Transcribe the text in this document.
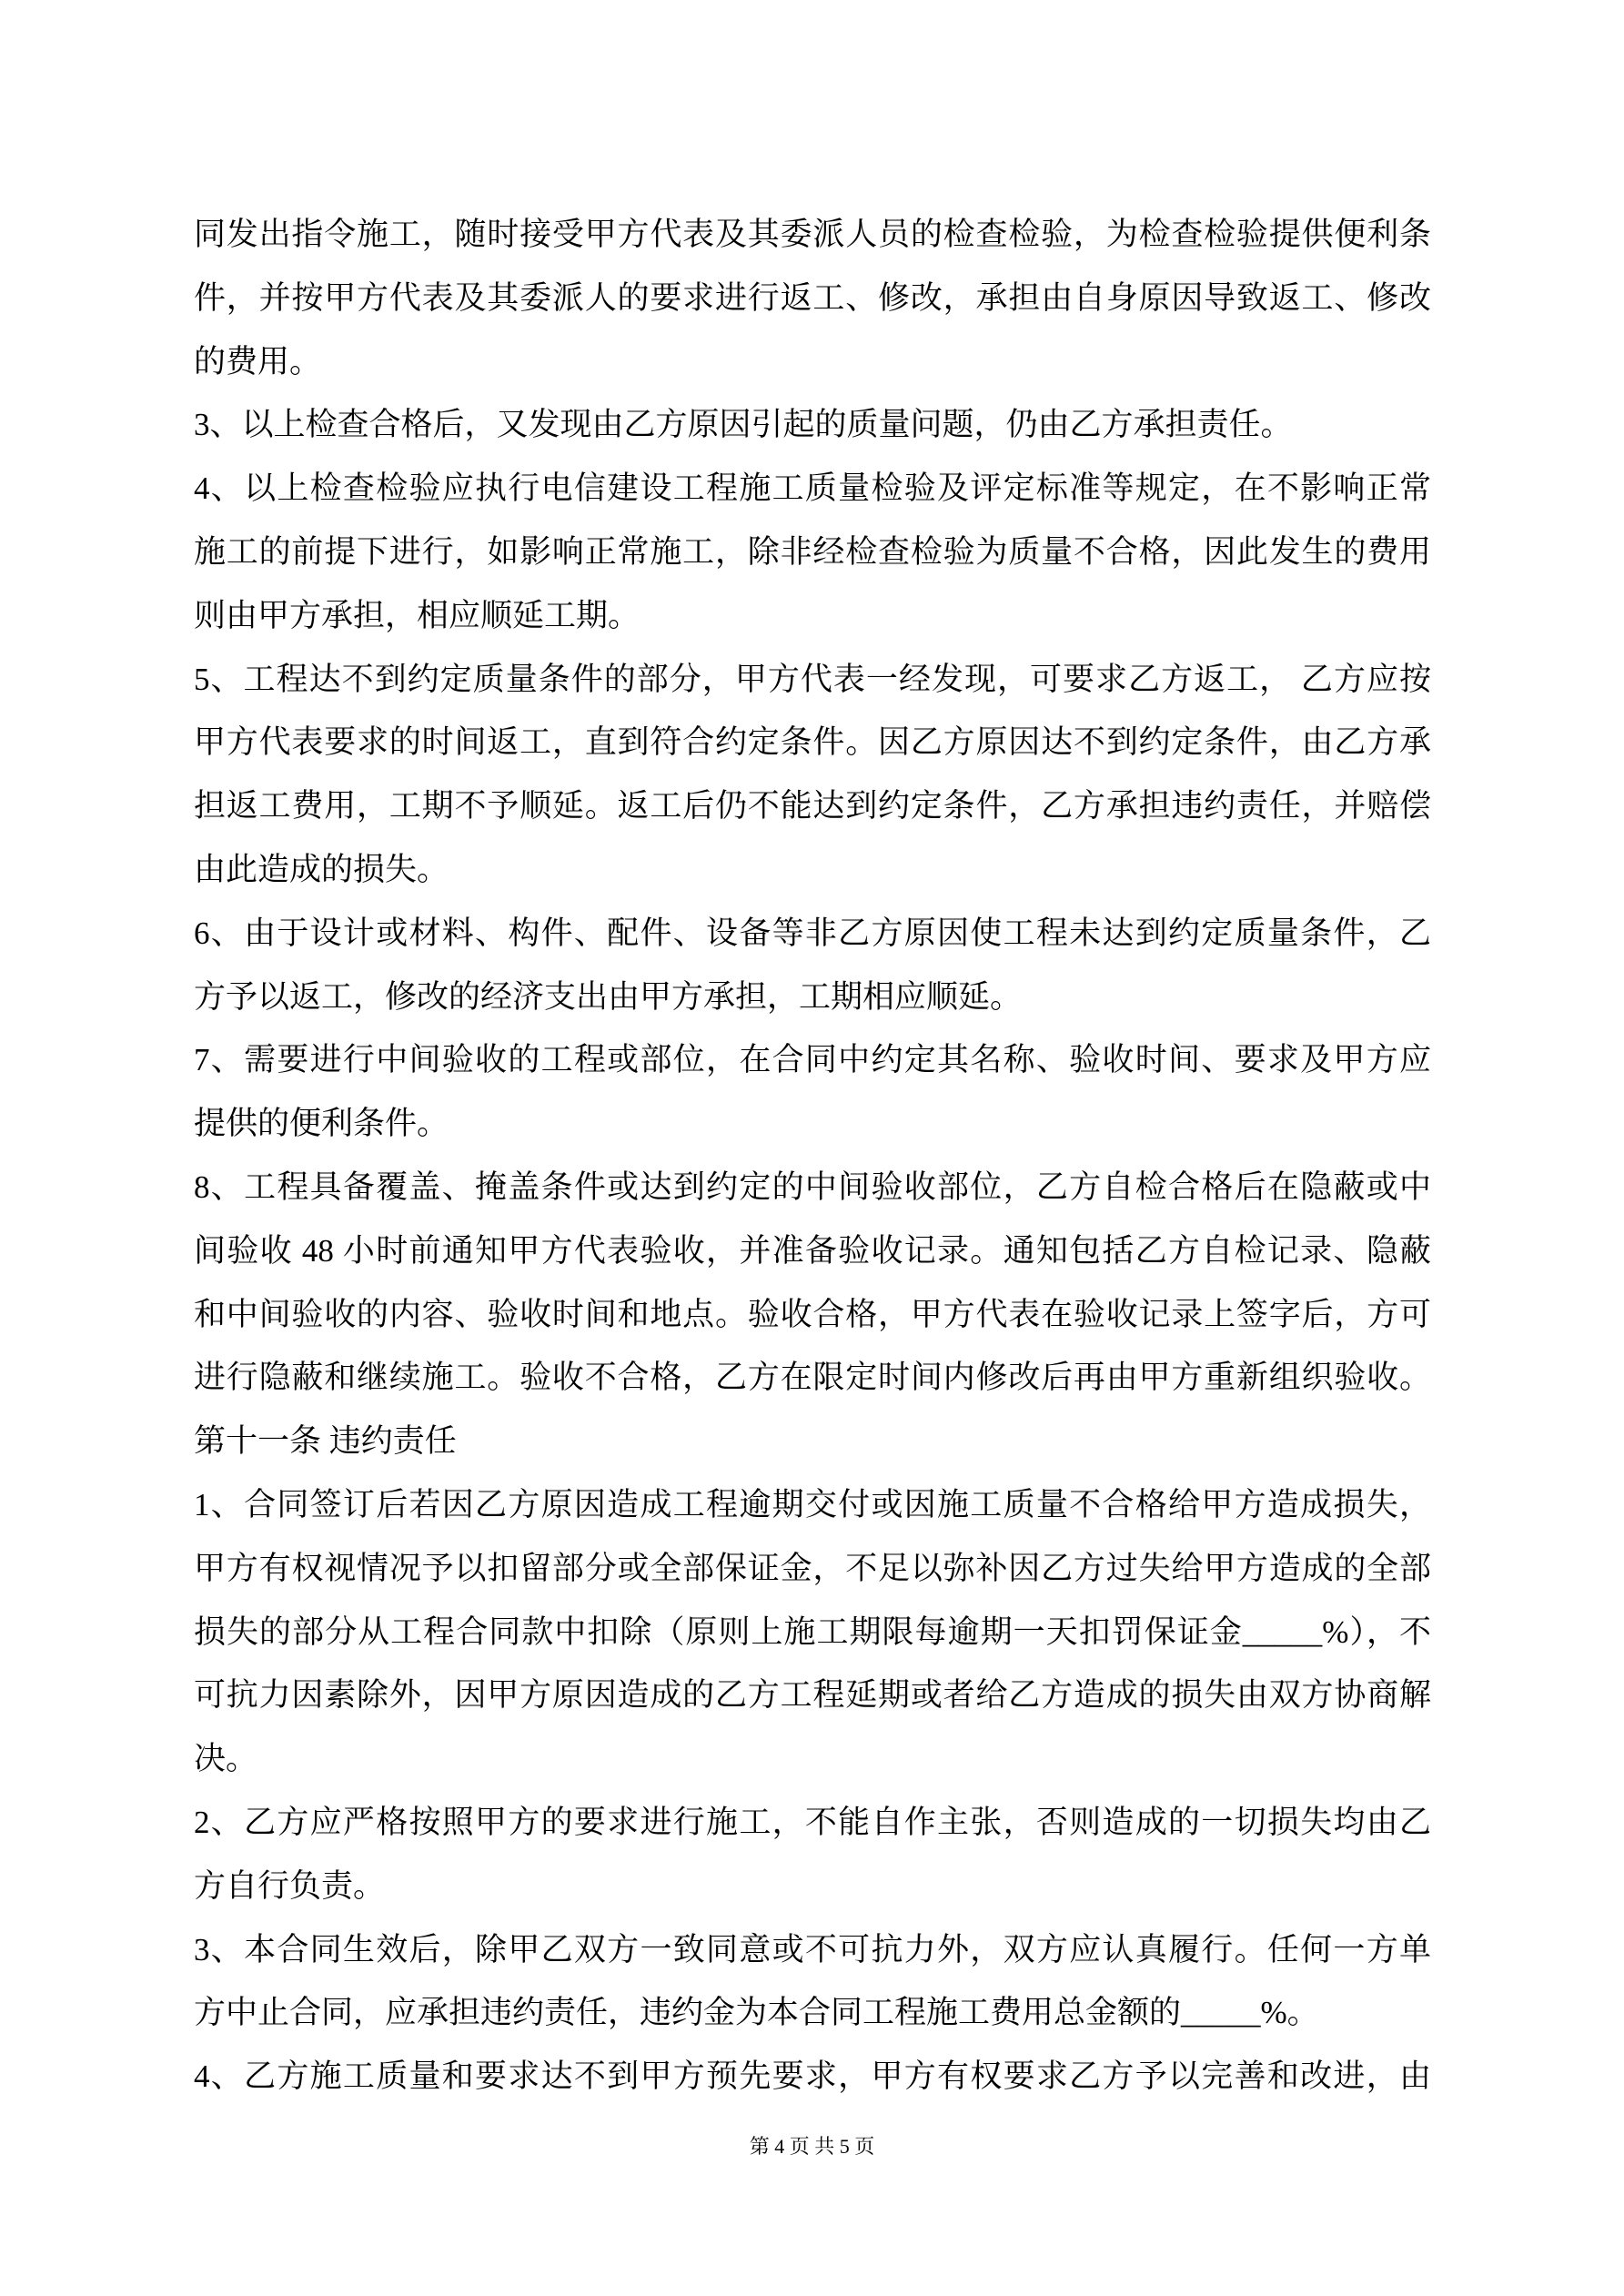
同发出指令施工，随时接受甲方代表及其委派人员的检查检验，为检查检验提供便利条
件，并按甲方代表及其委派人的要求进行返工、修改，承担由自身原因导致返工、修改
的费用。
3、以上检查合格后，又发现由乙方原因引起的质量问题，仍由乙方承担责任。
4、以上检查检验应执行电信建设工程施工质量检验及评定标准等规定，在不影响正常
施工的前提下进行，如影响正常施工，除非经检查检验为质量不合格，因此发生的费用
则由甲方承担，相应顺延工期。
5、工程达不到约定质量条件的部分，甲方代表一经发现，可要求乙方返工， 乙方应按
甲方代表要求的时间返工，直到符合约定条件。因乙方原因达不到约定条件，由乙方承
担返工费用，工期不予顺延。返工后仍不能达到约定条件，乙方承担违约责任，并赔偿
由此造成的损失。
6、由于设计或材料、构件、配件、设备等非乙方原因使工程未达到约定质量条件，乙
方予以返工，修改的经济支出由甲方承担，工期相应顺延。
7、需要进行中间验收的工程或部位，在合同中约定其名称、验收时间、要求及甲方应
提供的便利条件。
8、工程具备覆盖、掩盖条件或达到约定的中间验收部位，乙方自检合格后在隐蔽或中
间验收 48 小时前通知甲方代表验收，并准备验收记录。通知包括乙方自检记录、隐蔽
和中间验收的内容、验收时间和地点。验收合格，甲方代表在验收记录上签字后，方可
进行隐蔽和继续施工。验收不合格，乙方在限定时间内修改后再由甲方重新组织验收。
第十一条 违约责任
1、合同签订后若因乙方原因造成工程逾期交付或因施工质量不合格给甲方造成损失，
甲方有权视情况予以扣留部分或全部保证金，不足以弥补因乙方过失给甲方造成的全部
损失的部分从工程合同款中扣除（原则上施工期限每逾期一天扣罚保证金_____%），不
可抗力因素除外，因甲方原因造成的乙方工程延期或者给乙方造成的损失由双方协商解
决。
2、乙方应严格按照甲方的要求进行施工，不能自作主张，否则造成的一切损失均由乙
方自行负责。
3、本合同生效后，除甲乙双方一致同意或不可抗力外，双方应认真履行。任何一方单
方中止合同，应承担违约责任，违约金为本合同工程施工费用总金额的_____%。
4、乙方施工质量和要求达不到甲方预先要求，甲方有权要求乙方予以完善和改进，由
第 4 页 共 5 页
